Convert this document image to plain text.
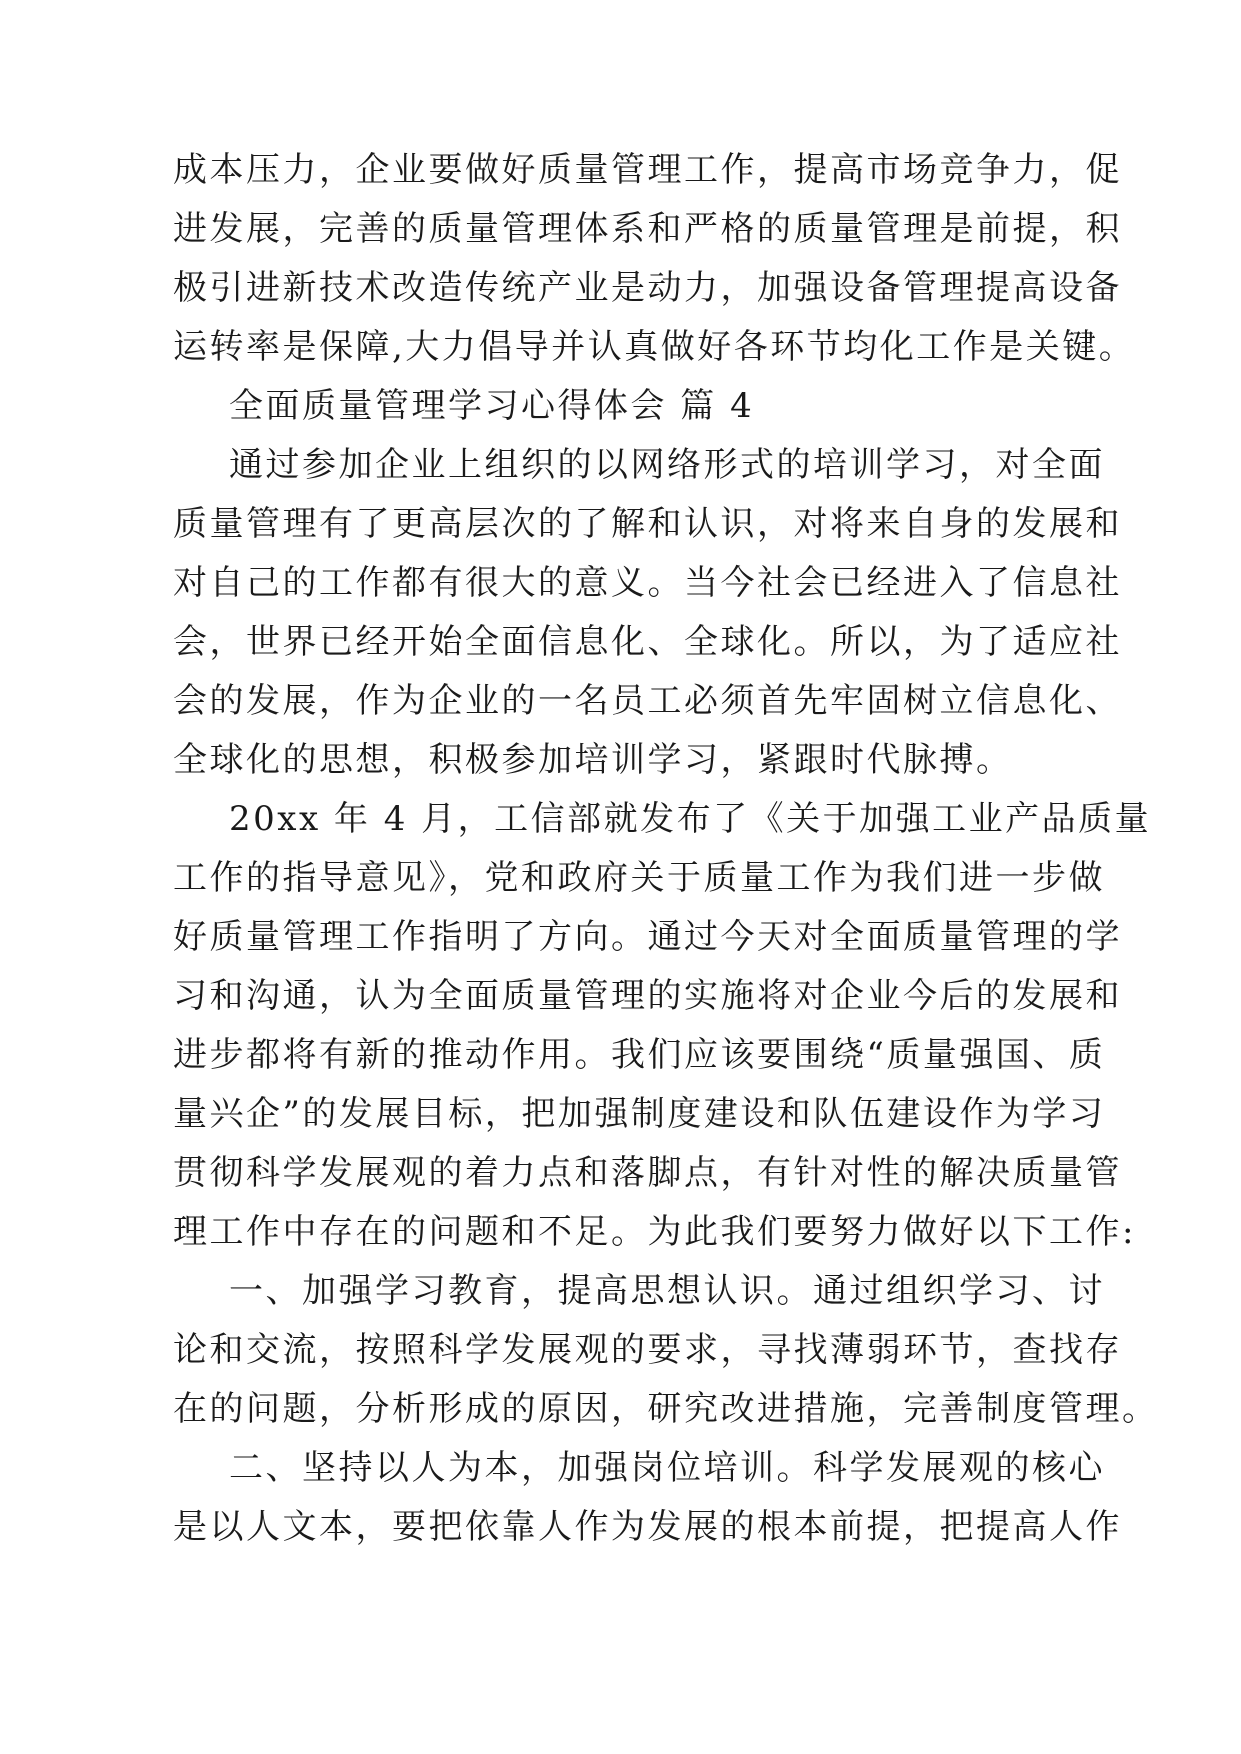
成本压力，企业要做好质量管理工作，提高市场竞争力，促
进发展，完善的质量管理体系和严格的质量管理是前提，积
极引进新技术改造传统产业是动力，加强设备管理提高设备
运转率是保障,大力倡导并认真做好各环节均化工作是关键。
全面质量管理学习心得体会 篇 4
通过参加企业上组织的以网络形式的培训学习，对全面
质量管理有了更高层次的了解和认识，对将来自身的发展和
对自己的工作都有很大的意义。当今社会已经进入了信息社
会，世界已经开始全面信息化、全球化。所以，为了适应社
会的发展，作为企业的一名员工必须首先牢固树立信息化、
全球化的思想，积极参加培训学习，紧跟时代脉搏。
20xx 年 4 月，工信部就发布了《关于加强工业产品质量
工作的指导意见》，党和政府关于质量工作为我们进一步做
好质量管理工作指明了方向。通过今天对全面质量管理的学
习和沟通，认为全面质量管理的实施将对企业今后的发展和
进步都将有新的推动作用。我们应该要围绕“质量强国、质
量兴企”的发展目标，把加强制度建设和队伍建设作为学习
贯彻科学发展观的着力点和落脚点，有针对性的解决质量管
理工作中存在的问题和不足。为此我们要努力做好以下工作:
一、加强学习教育，提高思想认识。通过组织学习、讨
论和交流，按照科学发展观的要求，寻找薄弱环节，查找存
在的问题，分析形成的原因，研究改进措施，完善制度管理。
二、坚持以人为本，加强岗位培训。科学发展观的核心
是以人文本，要把依靠人作为发展的根本前提，把提高人作
